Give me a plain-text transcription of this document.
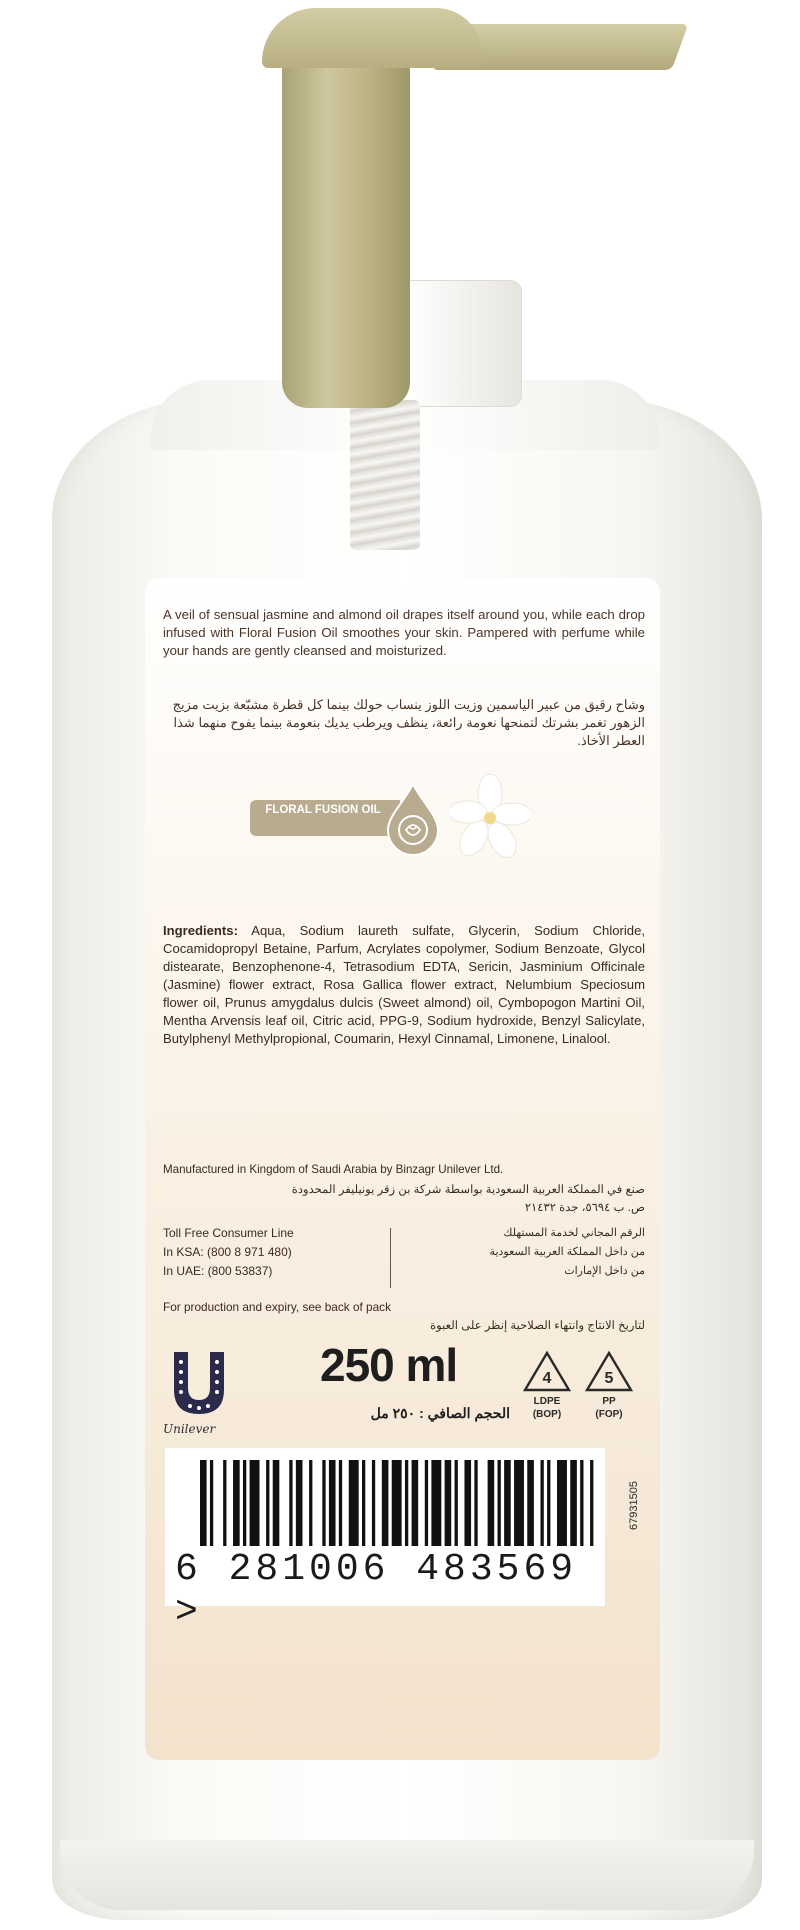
A veil of sensual jasmine and almond oil drapes itself around you, while each drop infused with Floral Fusion Oil smoothes your skin. Pampered with perfume while your hands are gently cleansed and moisturized.
وشاح رقيق من عبير الياسمين وزيت اللوز ينساب حولك بينما كل قطرة مشبّعة بزيت مزيج الزهور تغمر بشرتك لتمنحها نعومة رائعة، ينظف ويرطب يديك بنعومة بينما يفوح منهما شذا العطر الأخاذ.
FLORAL FUSION OIL
Ingredients: Aqua, Sodium laureth sulfate, Glycerin, Sodium Chloride, Cocamidopropyl Betaine, Parfum, Acrylates copolymer, Sodium Benzoate, Glycol distearate, Benzophenone-4, Tetrasodium EDTA, Sericin, Jasminium Officinale (Jasmine) flower extract, Rosa Gallica flower extract, Nelumbium Speciosum flower oil, Prunus amygdalus dulcis (Sweet almond) oil, Cymbopogon Martini Oil, Mentha Arvensis leaf oil, Citric acid, PPG-9, Sodium hydroxide, Benzyl Salicylate, Butylphenyl Methylpropional, Coumarin, Hexyl Cinnamal, Limonene, Linalool.
Manufactured in Kingdom of Saudi Arabia by Binzagr Unilever Ltd.
صنع في المملكة العربية السعودية بواسطة شركة بن زقر يونيليفر المحدودة
ص. ب ٥٦٩٤، جدة ٢١٤٣٢
Toll Free Consumer Line
In KSA: (800 8 971 480)
In UAE: (800 53837)
الرقم المجاني لخدمة المستهلك
من داخل المملكة العربية السعودية
من داخل الإمارات
For production and expiry, see back of pack
لتاريخ الانتاج وانتهاء الصلاحية إنظر على العبوة
Unilever
250 ml
الحجم الصافي : ٢٥٠ مل
4	5
LDPE
(BOP)
PP
(FOP)
6 281006 483569 >
67931505
